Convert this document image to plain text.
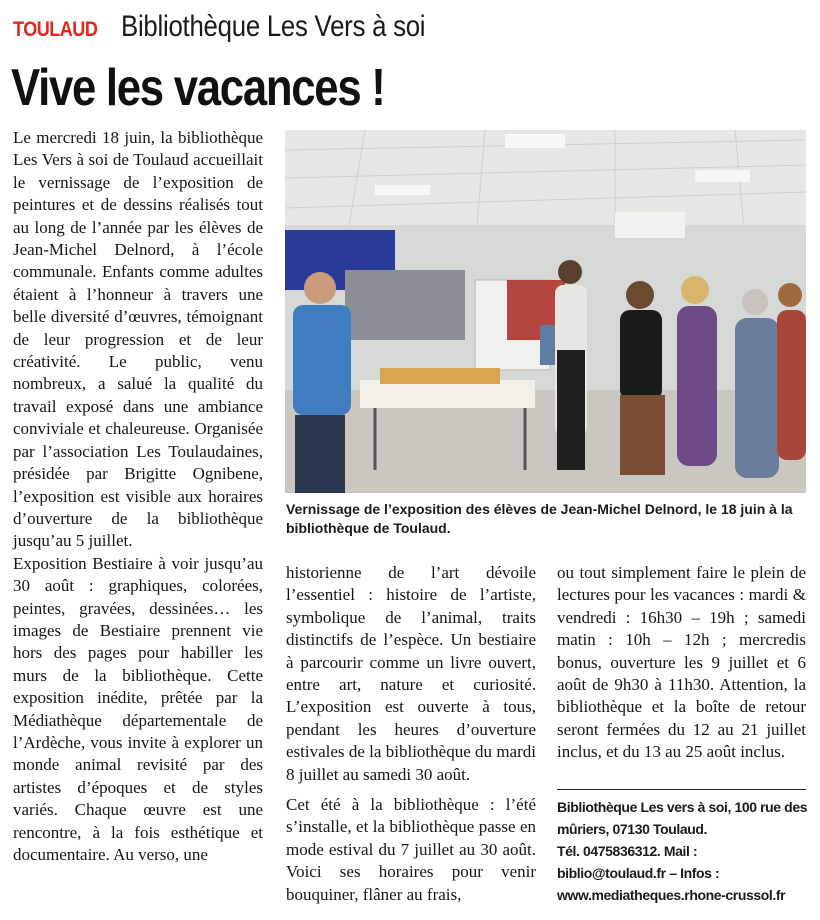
TOULAUD Bibliothèque Les Vers à soi
Vive les vacances !

Le mercredi 18 juin, la bibliothèque Les Vers à soi de Toulaud accueillait le vernissage de l’exposition de peintures et de dessins réalisés tout au long de l’année par les élèves de Jean-Michel Delnord, à l’école communale. Enfants comme adultes étaient à l’honneur à travers une belle diversité d’œuvres, témoignant de leur progression et de leur créativité. Le public, venu nombreux, a salué la qualité du travail exposé dans une ambiance conviviale et chaleureuse. Organisée par l’association Les Toulaudaines, présidée par Brigitte Ognibene, l’exposition est visible aux horaires d’ouverture de la bibliothèque jusqu’au 5 juillet.

Exposition Bestiaire à voir jusqu’au 30 août : graphiques, colorées, peintes, gravées, dessinées… les images de Bestiaire prennent vie hors des pages pour habiller les murs de la bibliothèque. Cette exposition inédite, prêtée par la Médiathèque départementale de l’Ardèche, vous invite à explorer un monde animal revisité par des artistes d’époques et de styles variés. Chaque œuvre est une rencontre, à la fois esthétique et documentaire. Au verso, une

Vernissage de l’exposition des élèves de Jean-Michel Delnord, le 18 juin à la bibliothèque de Toulaud.

historienne de l’art dévoile l’essentiel : histoire de l’artiste, symbolique de l’animal, traits distinctifs de l’espèce. Un bestiaire à parcourir comme un livre ouvert, entre art, nature et curiosité. L’exposition est ouverte à tous, pendant les heures d’ouverture estivales de la bibliothèque du mardi 8 juillet au samedi 30 août.

Cet été à la bibliothèque : l’été s’installe, et la bibliothèque passe en mode estival du 7 juillet au 30 août. Voici ses horaires pour venir bouquiner, flâner au frais,

ou tout simplement faire le plein de lectures pour les vacances : mardi & vendredi : 16h30 – 19h ; samedi matin : 10h – 12h ; mercredis bonus, ouverture les 9 juillet et 6 août de 9h30 à 11h30. Attention, la bibliothèque et la boîte de retour seront fermées du 12 au 21 juillet inclus, et du 13 au 25 août inclus.

Bibliothèque Les vers à soi, 100 rue des mûriers, 07130 Toulaud.

Tél. 0475836312. Mail : biblio@toulaud.fr – Infos : www.mediatheques.rhone-crussol.fr
